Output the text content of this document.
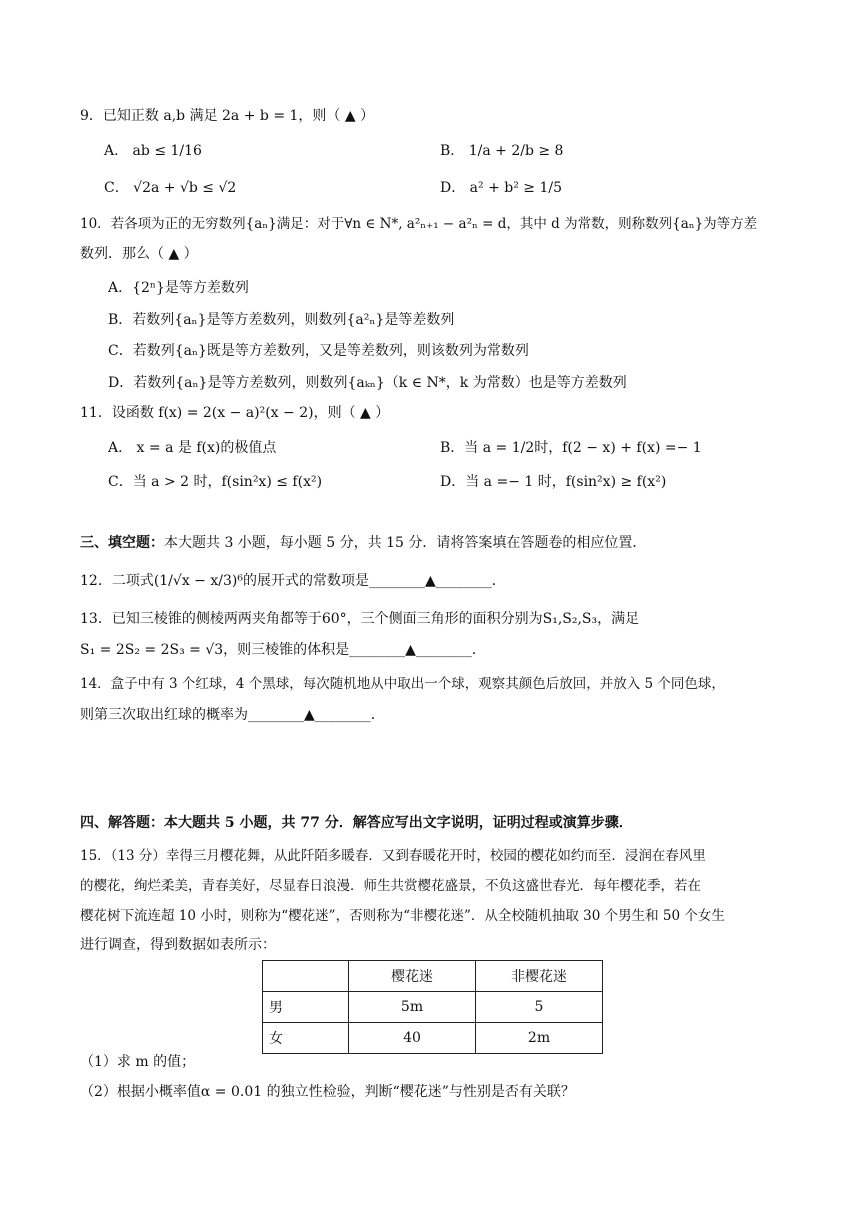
9．已知正数 a,b 满足 2a + b = 1，则（ ▲ ）
A． ab ≤ 1/16	B． 1/a + 2/b ≥ 8
C． √2a + √b ≤ √2	D． a² + b² ≥ 1/5
10．若各项为正的无穷数列{aₙ}满足：对于∀n ∈ N*, a²ₙ₊₁ − a²ₙ = d，其中 d 为常数，则称数列{aₙ}为等方差
数列．那么（ ▲ ）
A．{2ⁿ}是等方差数列
B．若数列{aₙ}是等方差数列，则数列{a²ₙ}是等差数列
C．若数列{aₙ}既是等方差数列，又是等差数列，则该数列为常数列
D．若数列{aₙ}是等方差数列，则数列{aₖₙ}（k ∈ N*，k 为常数）也是等方差数列
11．设函数 f(x) = 2(x − a)²(x − 2)，则（ ▲ ）
A． x = a 是 f(x)的极值点	B．当 a = 1/2时，f(2 − x) + f(x) =− 1
C．当 a > 2 时，f(sin²x) ≤ f(x²)	D．当 a =− 1 时，f(sin²x) ≥ f(x²)
三、填空题：本大题共 3 小题，每小题 5 分，共 15 分．请将答案填在答题卷的相应位置．
12．二项式(1/√x − x/3)⁶的展开式的常数项是________▲________．
13．已知三棱锥的侧棱两两夹角都等于60°，三个侧面三角形的面积分别为S₁,S₂,S₃，满足
S₁ = 2S₂ = 2S₃ = √3，则三棱锥的体积是________▲________．
14．盒子中有 3 个红球，4 个黑球，每次随机地从中取出一个球，观察其颜色后放回，并放入 5 个同色球，
则第三次取出红球的概率为________▲________．
四、解答题：本大题共 5 小题，共 77 分．解答应写出文字说明，证明过程或演算步骤．
15．（13 分）幸得三月樱花舞，从此阡陌多暖春．又到春暖花开时，校园的樱花如约而至．浸润在春风里
的樱花，绚烂柔美，青春美好，尽显春日浪漫．师生共赏樱花盛景，不负这盛世春光．每年樱花季，若在
樱花树下流连超 10 小时，则称为“樱花迷”，否则称为“非樱花迷”．从全校随机抽取 30 个男生和 50 个女生
进行调查，得到数据如表所示：
	樱花迷	非樱花迷
男	5m	5
女	40	2m
（1）求 m 的值；
（2）根据小概率值α = 0.01 的独立性检验，判断“樱花迷”与性别是否有关联？
